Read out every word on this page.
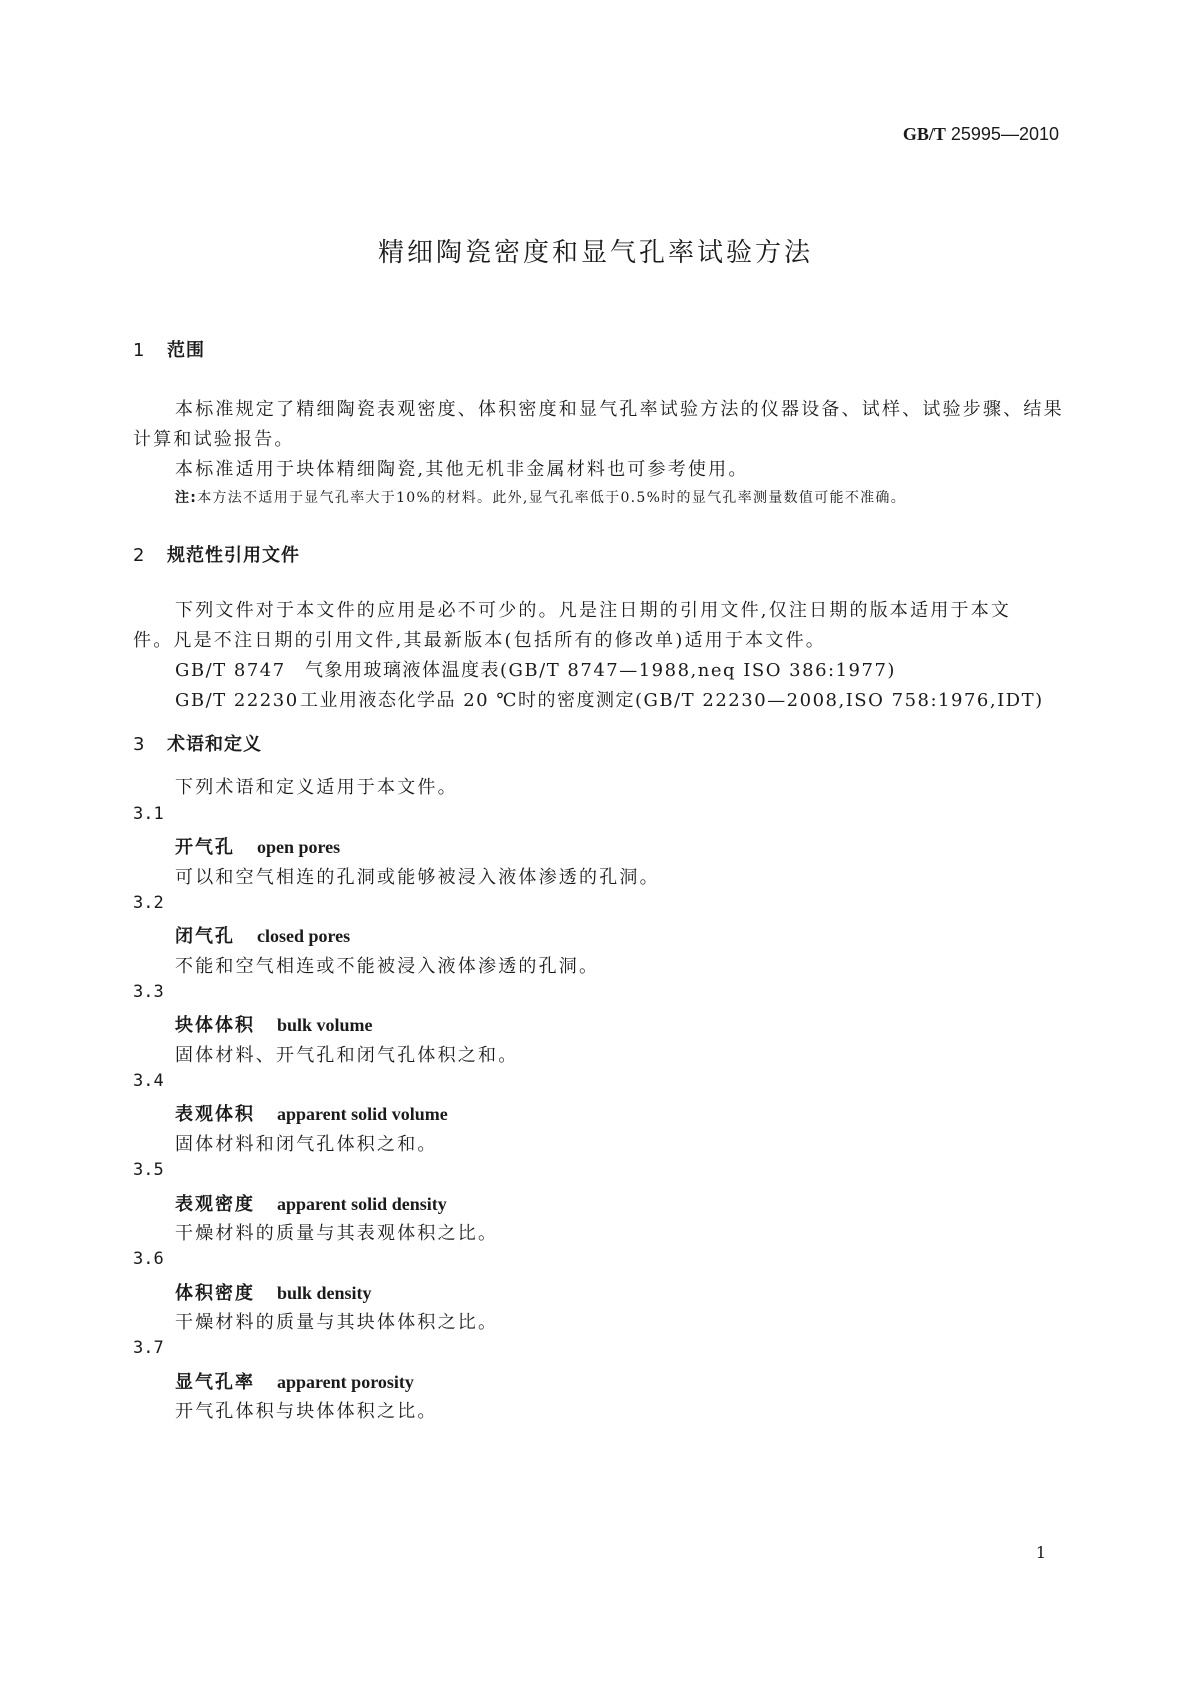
GB/T 25995—2010
精细陶瓷密度和显气孔率试验方法
1 范围
本标准规定了精细陶瓷表观密度、体积密度和显气孔率试验方法的仪器设备、试样、试验步骤、结果
计算和试验报告。
本标准适用于块体精细陶瓷,其他无机非金属材料也可参考使用。
注:本方法不适用于显气孔率大于10%的材料。此外,显气孔率低于0.5%时的显气孔率测量数值可能不准确。
2 规范性引用文件
下列文件对于本文件的应用是必不可少的。凡是注日期的引用文件,仅注日期的版本适用于本文
件。凡是不注日期的引用文件,其最新版本(包括所有的修改单)适用于本文件。
GB/T 8747 气象用玻璃液体温度表(GB/T 8747—1988,neq ISO 386:1977)
GB/T 22230工业用液态化学品 20 ℃时的密度测定(GB/T 22230—2008,ISO 758:1976,IDT)
3 术语和定义
下列术语和定义适用于本文件。
3.1
开气孔 open pores
可以和空气相连的孔洞或能够被浸入液体渗透的孔洞。
3.2
闭气孔 closed pores
不能和空气相连或不能被浸入液体渗透的孔洞。
3.3
块体体积 bulk volume
固体材料、开气孔和闭气孔体积之和。
3.4
表观体积 apparent solid volume
固体材料和闭气孔体积之和。
3.5
表观密度 apparent solid density
干燥材料的质量与其表观体积之比。
3.6
体积密度 bulk density
干燥材料的质量与其块体体积之比。
3.7
显气孔率 apparent porosity
开气孔体积与块体体积之比。
1
